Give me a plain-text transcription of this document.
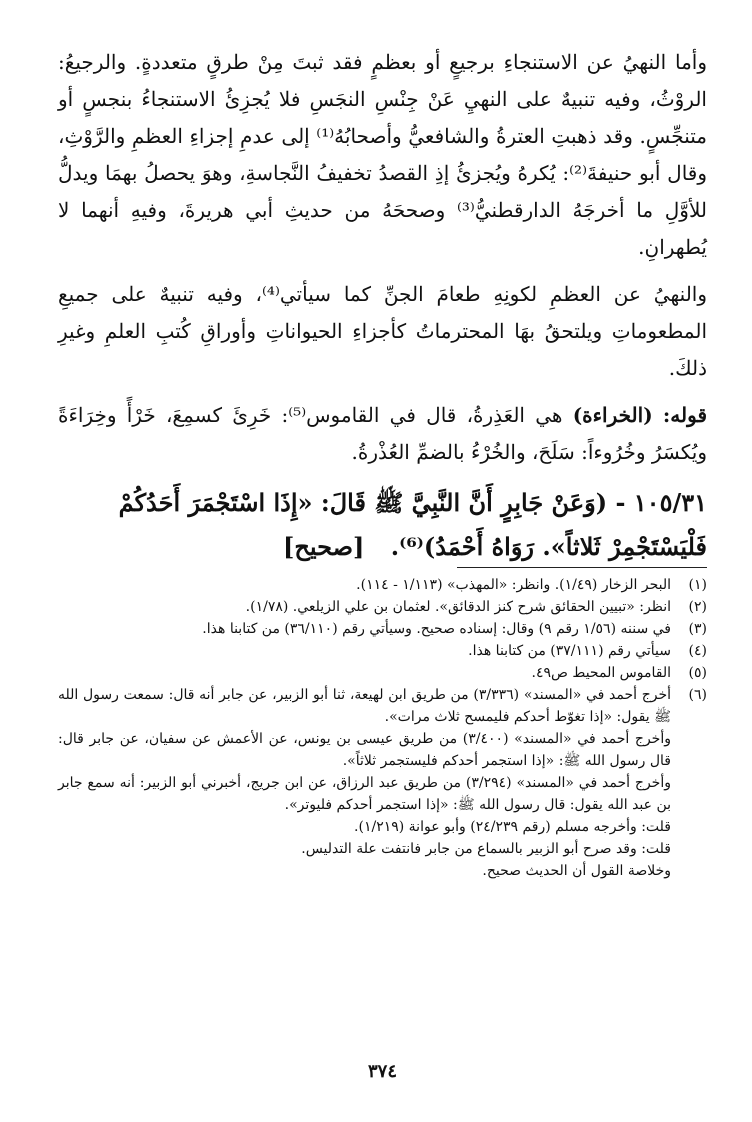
وأما النهيُ عن الاستنجاءِ برجيعٍ أو بعظمٍ فقد ثبتَ مِنْ طرقٍ متعددةٍ. والرجيعُ: الروْثُ، وفيه تنبيهٌ على النهيِ عَنْ جِنْسِ النجَسِ فلا يُجزِئُ الاستنجاءُ بنجسٍ أو متنجِّسٍ. وقد ذهبتِ العترةُ والشافعيُّ وأصحابُهُ⁽¹⁾ إلى عدمِ إجزاءِ العظمِ والرَّوْثِ، وقال أبو حنيفةَ⁽²⁾: يُكرهُ ويُجزئُ إذِ القصدُ تخفيفُ النَّجاسةِ، وهوَ يحصلُ بهمَا ويدلُّ للأوَّلِ ما أخرجَهُ الدارقطنيُّ⁽³⁾ وصححَهُ من حديثِ أبي هريرةَ، وفيهِ أنهما لا يُطهرانِ.

والنهيُ عن العظمِ لكونِهِ طعامَ الجنِّ كما سيأتي⁽⁴⁾، وفيه تنبيهٌ على جميعِ المطعوماتِ ويلتحقُ بهَا المحترماتُ كأجزاءِ الحيواناتِ وأوراقِ كُتبِ العلمِ وغيرِ ذلكَ.

قوله: (الخراءة) هي العَذِرةُ، قال في القاموس⁽⁵⁾: خَرِئَ كسمِعَ، خَرْأً وخِرَاءَةً ويُكسَرُ وخُرُوءاً: سَلَحَ، والخُرْءُ بالضمِّ العُذْرةُ.

١٠٥/٣١ - (وَعَنْ جَابِرٍ أَنَّ النَّبِيَّ ﷺ قَالَ: «إِذَا اسْتَجْمَرَ أَحَدُكُمْ فَلْيَسْتَجْمِرْ ثَلاثاً». رَوَاهُ أَحْمَدُ)⁽⁶⁾. [صحيح]
(١)
البحر الزخار (١/٤٩). وانظر: «المهذب» (١/١١٣ - ١١٤).
(٢)
انظر: «تبيين الحقائق شرح كنز الدقائق». لعثمان بن علي الزيلعي. (١/٧٨).
(٣)
في سننه (١/٥٦ رقم ٩) وقال: إسناده صحيح. وسيأتي رقم (٣٦/١١٠) من كتابنا هذا.
(٤)
سيأتي رقم (٣٧/١١١) من كتابنا هذا.
(٥)
القاموس المحيط ص٤٩.
(٦)
أخرج أحمد في «المسند» (٣/٣٣٦) من طريق ابن لهيعة، ثنا أبو الزبير، عن جابر أنه قال: سمعت رسول الله ﷺ يقول: «إذا تغوّط أحدكم فليمسح ثلاث مرات».
وأخرج أحمد في «المسند» (٣/٤٠٠) من طريق عيسى بن يونس، عن الأعمش عن سفيان، عن جابر قال: قال رسول الله ﷺ: «إذا استجمر أحدكم فليستجمر ثلاثاً».
وأخرج أحمد في «المسند» (٣/٢٩٤) من طريق عبد الرزاق، عن ابن جريج، أخبرني أبو الزبير: أنه سمع جابر بن عبد الله يقول: قال رسول الله ﷺ: «إذا استجمر أحدكم فليوتر».
قلت: وأخرجه مسلم (رقم ٢٤/٢٣٩) وأبو عوانة (١/٢١٩).
قلت: وقد صرح أبو الزبير بالسماع من جابر فانتفت علة التدليس.
وخلاصة القول أن الحديث صحيح.
٣٧٤
